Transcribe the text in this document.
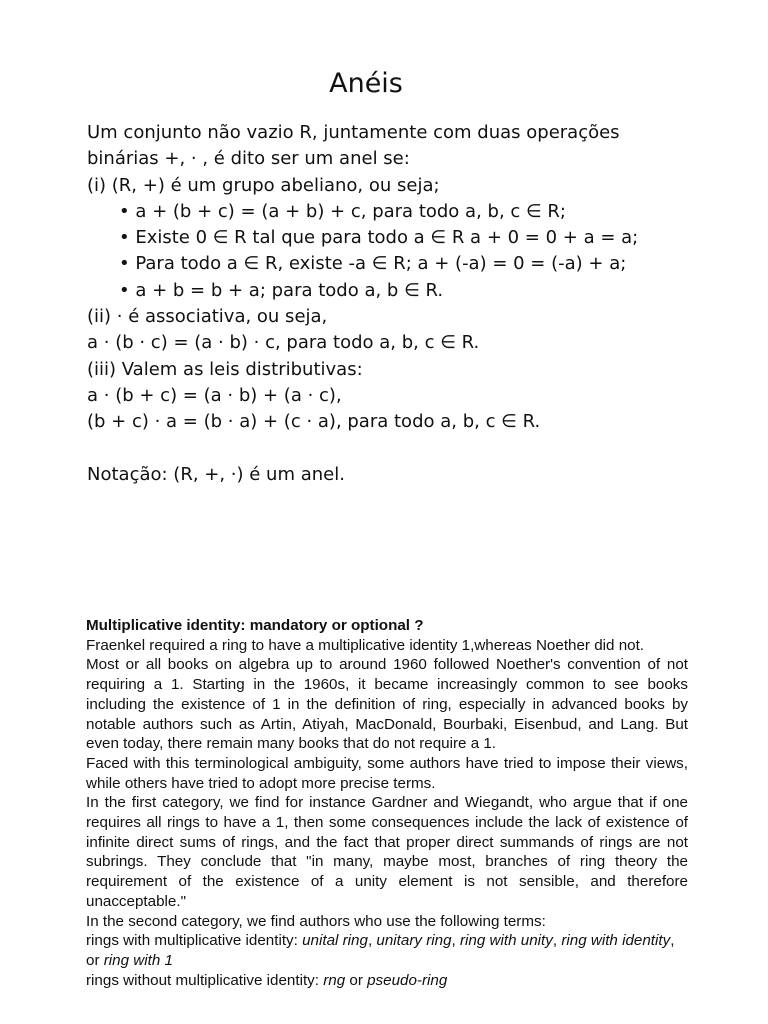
Anéis

Um conjunto não vazio R, juntamente com duas operações

binárias +, · , é dito ser um anel se:

(i) (R, +) é um grupo abeliano, ou seja;

• a + (b + c) = (a + b) + c, para todo a, b, c ∈ R;

• Existe 0 ∈ R tal que para todo a ∈ R a + 0 = 0 + a = a;

• Para todo a ∈ R, existe -a ∈ R; a + (-a) = 0 = (-a) + a;

• a + b = b + a; para todo a, b ∈ R.

(ii) · é associativa, ou seja,

a · (b · c) = (a · b) · c, para todo a, b, c ∈ R.

(iii) Valem as leis distributivas:

a · (b + c) = (a · b) + (a · c),

(b + c) · a = (b · a) + (c · a), para todo a, b, c ∈ R.

Notação: (R, +, ·) é um anel.

Multiplicative identity: mandatory or optional ?

Fraenkel required a ring to have a multiplicative identity 1,whereas Noether did not.

Most or all books on algebra up to around 1960 followed Noether's convention of not requiring a 1. Starting in the 1960s, it became increasingly common to see books including the existence of 1 in the definition of ring, especially in advanced books by notable authors such as Artin, Atiyah, MacDonald, Bourbaki, Eisenbud, and Lang. But even today, there remain many books that do not require a 1.

Faced with this terminological ambiguity, some authors have tried to impose their views, while others have tried to adopt more precise terms.

In the first category, we find for instance Gardner and Wiegandt, who argue that if one requires all rings to have a 1, then some consequences include the lack of existence of infinite direct sums of rings, and the fact that proper direct summands of rings are not subrings. They conclude that "in many, maybe most, branches of ring theory the requirement of the existence of a unity element is not sensible, and therefore unacceptable."

In the second category, we find authors who use the following terms:

rings with multiplicative identity: unital ring, unitary ring, ring with unity, ring with identity, or ring with 1

rings without multiplicative identity: rng or pseudo-ring
